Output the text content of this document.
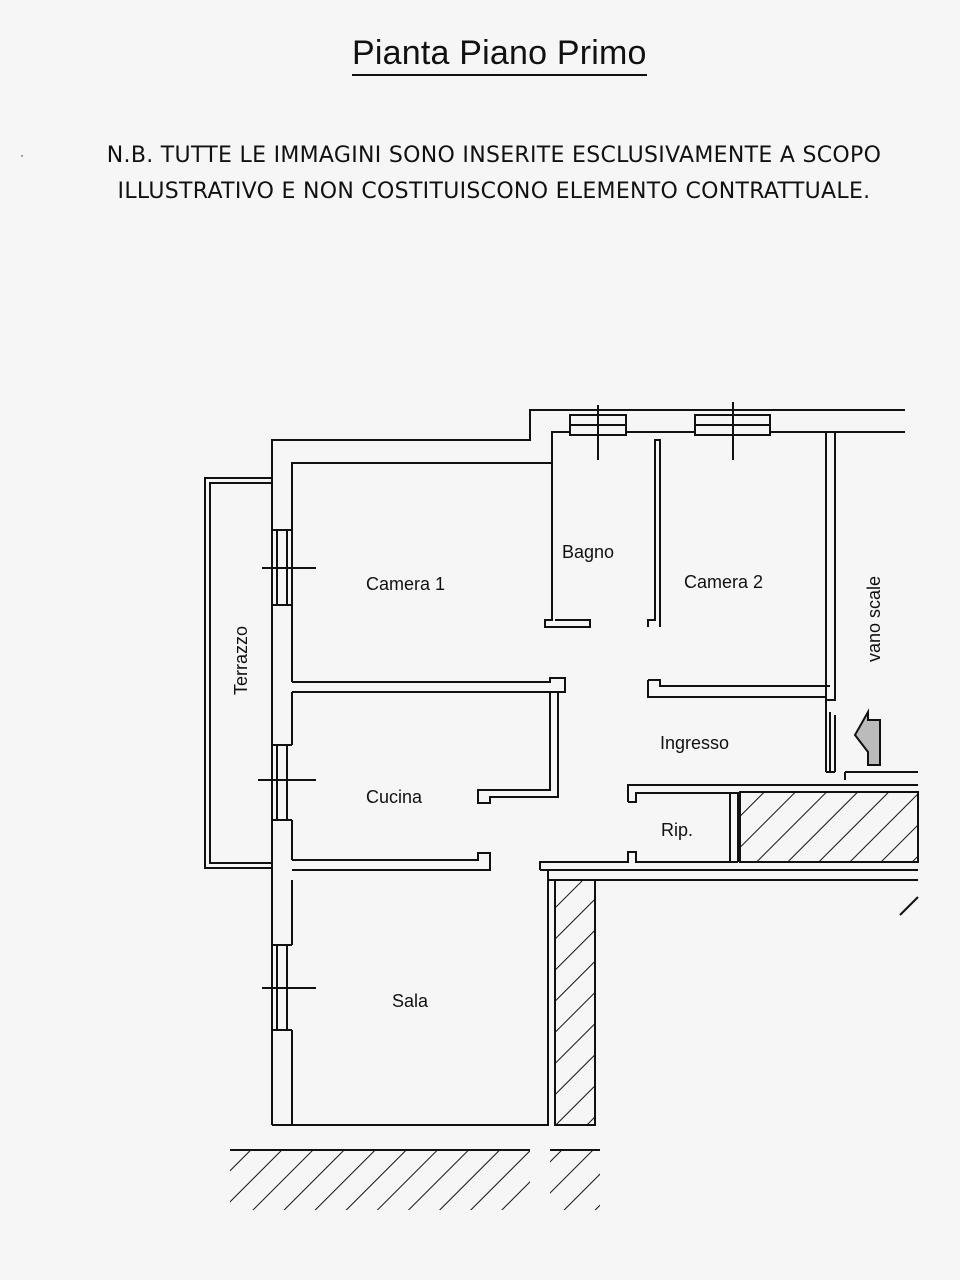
Pianta Piano Primo
·	N.B. TUTTE LE IMMAGINI SONO INSERITE ESCLUSIVAMENTE A SCOPO ILLUSTRATIVO E NON COSTITUISCONO ELEMENTO CONTRATTUALE.
Camera 1
Bagno
Camera 2	vano scale
Terrazzo
Ingresso
Cucina
Rip.
Sala
